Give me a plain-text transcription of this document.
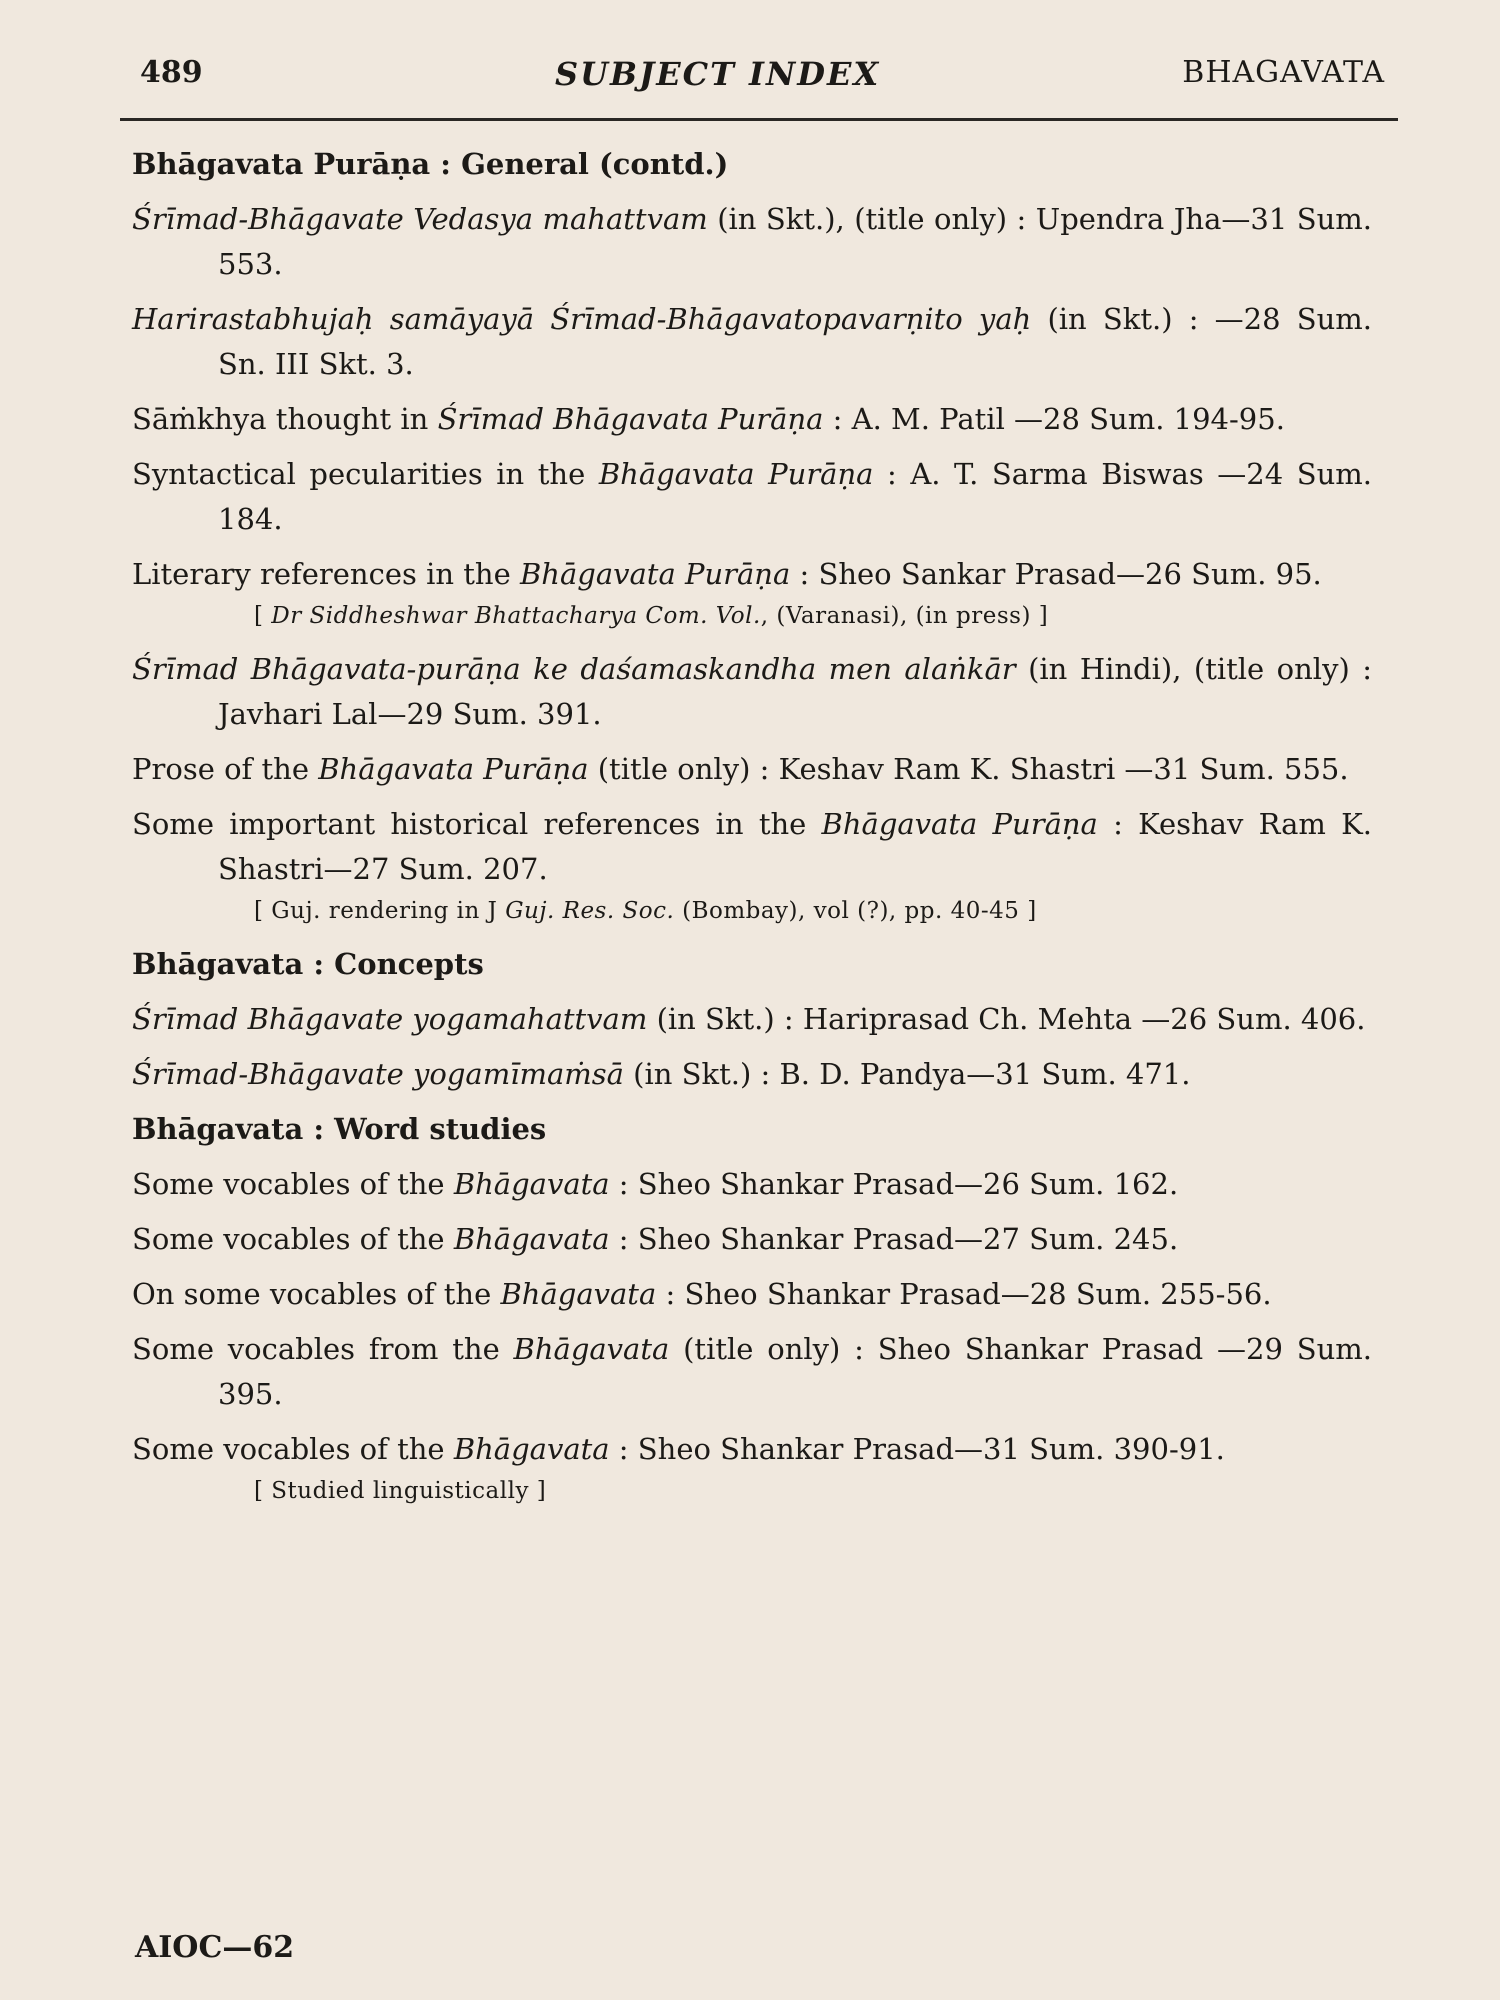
489	SUBJECT INDEX	BHAGAVATA
Bhāgavata Purāṇa : General (contd.)
Śrīmad-Bhāgavate Vedasya mahattvam (in Skt.), (title only) : Upendra Jha—31 Sum. 553.
Harirastabhujaḥ samāyayā Śrīmad-Bhāgavatopavarṇito yaḥ (in Skt.) : —28 Sum. Sn. III Skt. 3.
Sāṁkhya thought in Śrīmad Bhāgavata Purāṇa : A. M. Patil —28 Sum. 194-95.
Syntactical pecularities in the Bhāgavata Purāṇa : A. T. Sarma Biswas —24 Sum. 184.
Literary references in the Bhāgavata Purāṇa : Sheo Sankar Prasad—26 Sum. 95.
[ Dr Siddheshwar Bhattacharya Com. Vol., (Varanasi), (in press) ]
Śrīmad Bhāgavata-purāṇa ke daśamaskandha men alaṅkār (in Hindi), (title only) : Javhari Lal—29 Sum. 391.
Prose of the Bhāgavata Purāṇa (title only) : Keshav Ram K. Shastri —31 Sum. 555.
Some important historical references in the Bhāgavata Purāṇa : Keshav Ram K. Shastri—27 Sum. 207.
[ Guj. rendering in J Guj. Res. Soc. (Bombay), vol (?), pp. 40-45 ]
Bhāgavata : Concepts
Śrīmad Bhāgavate yogamahattvam (in Skt.) : Hariprasad Ch. Mehta —26 Sum. 406.
Śrīmad-Bhāgavate yogamīmaṁsā (in Skt.) : B. D. Pandya—31 Sum. 471.
Bhāgavata : Word studies
Some vocables of the Bhāgavata : Sheo Shankar Prasad—26 Sum. 162.
Some vocables of the Bhāgavata : Sheo Shankar Prasad—27 Sum. 245.
On some vocables of the Bhāgavata : Sheo Shankar Prasad—28 Sum. 255-56.
Some vocables from the Bhāgavata (title only) : Sheo Shankar Prasad —29 Sum. 395.
Some vocables of the Bhāgavata : Sheo Shankar Prasad—31 Sum. 390-91.
[ Studied linguistically ]
AIOC—62
